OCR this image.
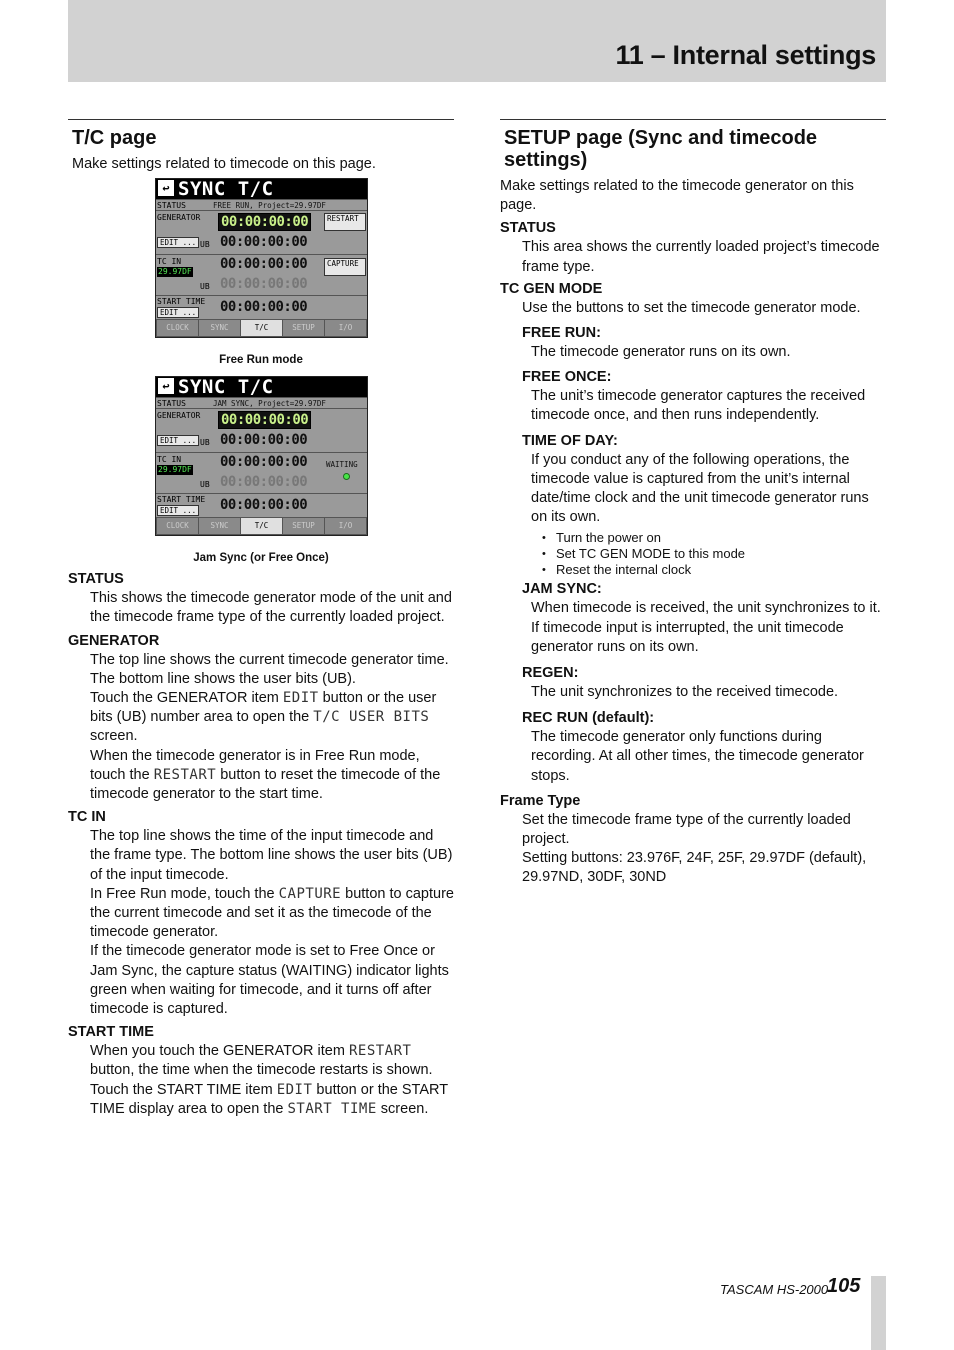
11 – Internal settings
T/C page

Make settings related to timecode on this page.

↩ SYNC T/C
STATUS	FREE RUN, Project=29.97DF
GENERATOR 00:00:00:00	RESTART
EDIT ... UB 00:00:00:00
TC IN
29.97DF 00:00:00:00	CAPTURE
UB 00:00:00:00
START TIME
EDIT ... 00:00:00:00
CLOCK	SYNC	T/C	SETUP	I/O
Free Run mode
↩ SYNC T/C
STATUS	JAM SYNC, Project=29.97DF
GENERATOR 00:00:00:00
EDIT ... UB 00:00:00:00
TC IN
29.97DF 00:00:00:00	WAITING
UB 00:00:00:00
START TIME
EDIT ... 00:00:00:00
CLOCK	SYNC	T/C	SETUP	I/O
Jam Sync (or Free Once)
STATUS

This shows the timecode generator mode of the unit and the timecode frame type of the currently loaded project.

GENERATOR

The top line shows the current timecode generator time. The bottom line shows the user bits (UB).

Touch the GENERATOR item EDIT button or the user bits (UB) number area to open the T/C USER BITS screen.

When the timecode generator is in Free Run mode, touch the RESTART button to reset the timecode of the timecode generator to the start time.

TC IN

The top line shows the time of the input timecode and the frame type. The bottom line shows the user bits (UB) of the input timecode.

In Free Run mode, touch the CAPTURE button to capture the current timecode and set it as the timecode of the timecode generator.

If the timecode generator mode is set to Free Once or Jam Sync, the capture status (WAITING) indicator lights green when waiting for timecode, and it turns off after timecode is captured.

START TIME

When you touch the GENERATOR item RESTART button, the time when the timecode restarts is shown.

Touch the START TIME item EDIT button or the START TIME display area to open the START TIME screen.

SETUP page (Sync and timecode settings)

Make settings related to the timecode generator on this page.

STATUS

This area shows the currently loaded project’s timecode frame type.

TC GEN MODE

Use the buttons to set the timecode generator mode.

FREE RUN:
The timecode generator runs on its own.
FREE ONCE:
The unit’s timecode generator captures the received timecode once, and then runs independently.
TIME OF DAY:
If you conduct any of the following operations, the timecode value is captured from the unit’s internal date/time clock and the unit timecode generator runs on its own.
• Turn the power on
• Set TC GEN MODE to this mode
• Reset the internal clock
JAM SYNC:
When timecode is received, the unit synchronizes to it. If timecode input is interrupted, the unit timecode generator runs on its own.
REGEN:
The unit synchronizes to the received timecode.
REC RUN (default):
The timecode generator only functions during recording. At all other times, the timecode generator stops.
Frame Type

Set the timecode frame type of the currently loaded project.

Setting buttons: 23.976F, 24F, 25F, 29.97DF (default), 29.97ND, 30DF, 30ND

TASCAM HS-2000
105
